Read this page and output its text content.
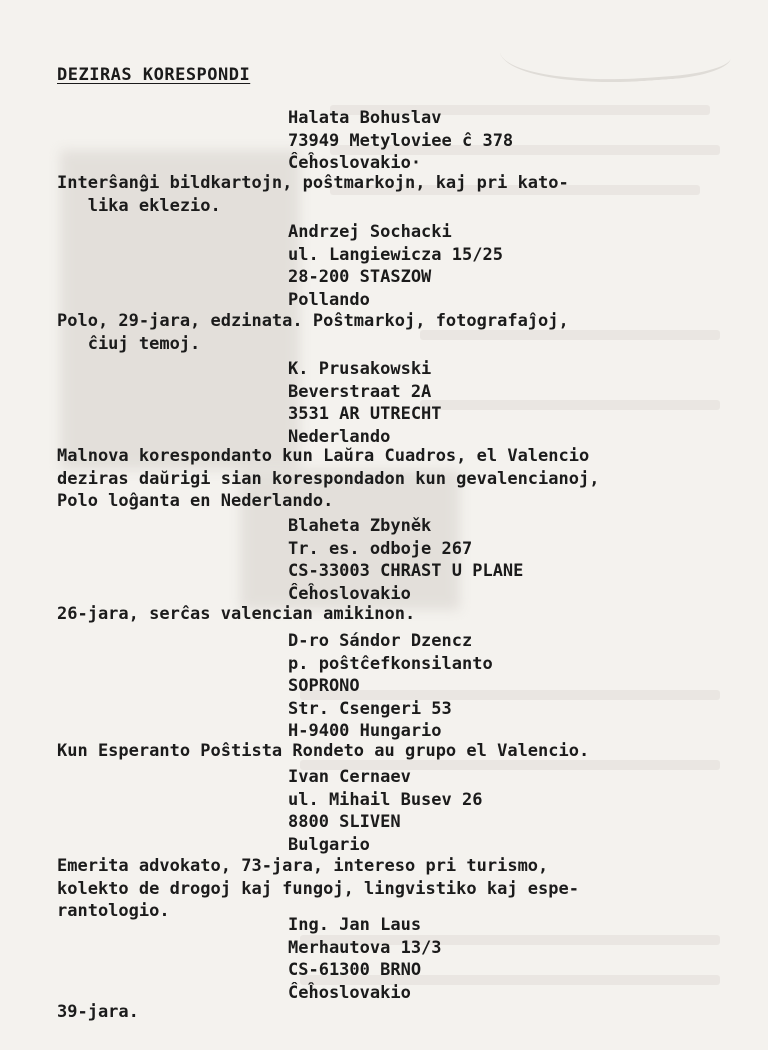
DEZIRAS KORESPONDI
Halata Bohuslav
73949 Metyloviee ĉ 378
Ĉeĥoslovakio·
Interŝanĝi bildkartojn, poŝtmarkojn, kaj pri kato-
lika eklezio.
Andrzej Sochacki
ul. Langiewicza 15/25
28-200 STASZOW
Pollando
Polo, 29-jara, edzinata. Poŝtmarkoj, fotografaĵoj,
ĉiuj temoj.
K. Prusakowski
Beverstraat 2A
3531 AR UTRECHT
Nederlando
Malnova korespondanto kun Laŭra Cuadros, el Valencio
deziras daŭrigi sian korespondadon kun gevalencianoj,
Polo loĝanta en Nederlando.
Blaheta Zbyněk
Tr. es. odboje 267
CS-33003 CHRAST U PLANE
Ĉeĥoslovakio
26-jara, serĉas valencian amikinon.
D-ro Sándor Dzencz
p. poŝtĉefkonsilanto
SOPRONO
Str. Csengeri 53
H-9400 Hungario
Kun Esperanto Poŝtista Rondeto au grupo el Valencio.
Ivan Cernaev
ul. Mihail Busev 26
8800 SLIVEN
Bulgario
Emerita advokato, 73-jara, intereso pri turismo,
kolekto de drogoj kaj fungoj, lingvistiko kaj espe-
rantologio.
Ing. Jan Laus
Merhautova 13/3
CS-61300 BRNO
Ĉeĥoslovakio
39-jara.
